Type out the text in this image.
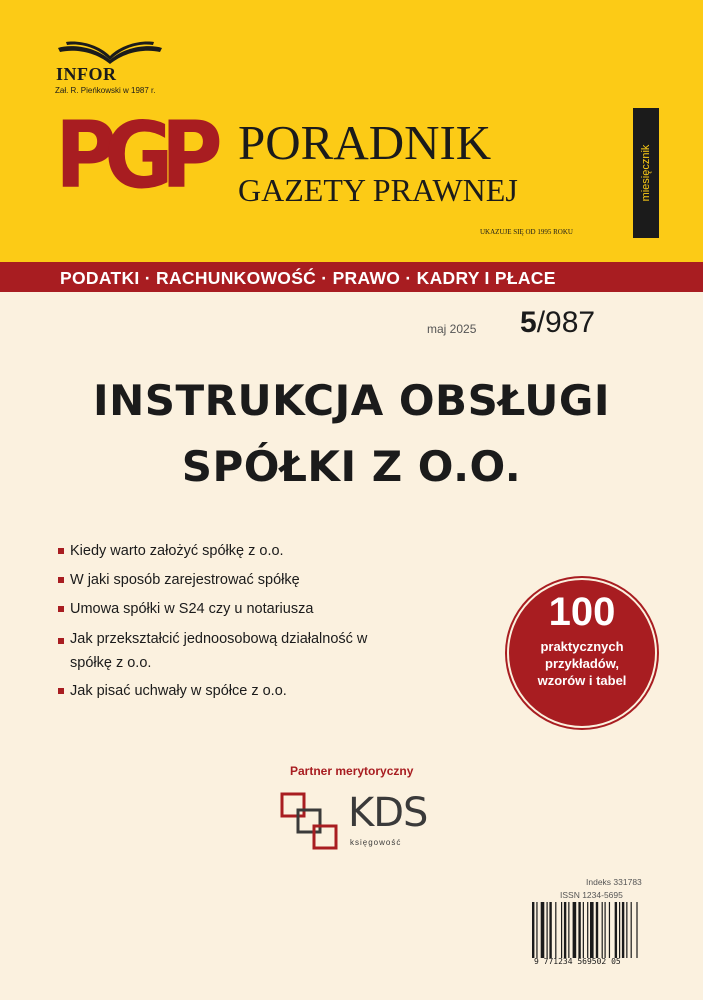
INFOR
Zał. R. Pieńkowski w 1987 r.
PGP PORADNIK
GAZETY PRAWNEJ
UKAZUJE SIĘ OD 1995 ROKU
miesięcznik
PODATKI · RACHUNKOWOŚĆ · PRAWO · KADRY I PŁACE
maj 2025 5/987
INSTRUKCJA OBSŁUGI
SPÓŁKI Z O.O.
Kiedy warto założyć spółkę z o.o.
W jaki sposób zarejestrować spółkę
Umowa spółki w S24 czy u notariusza
Jak przekształcić jednoosobową działalność w spółkę z o.o.
Jak pisać uchwały w spółce z o.o.
100
praktycznych przykładów, wzorów i tabel
Partner merytoryczny
KDS
księgowość
Indeks 331783
ISSN 1234-5695
9 771234 569502 05
